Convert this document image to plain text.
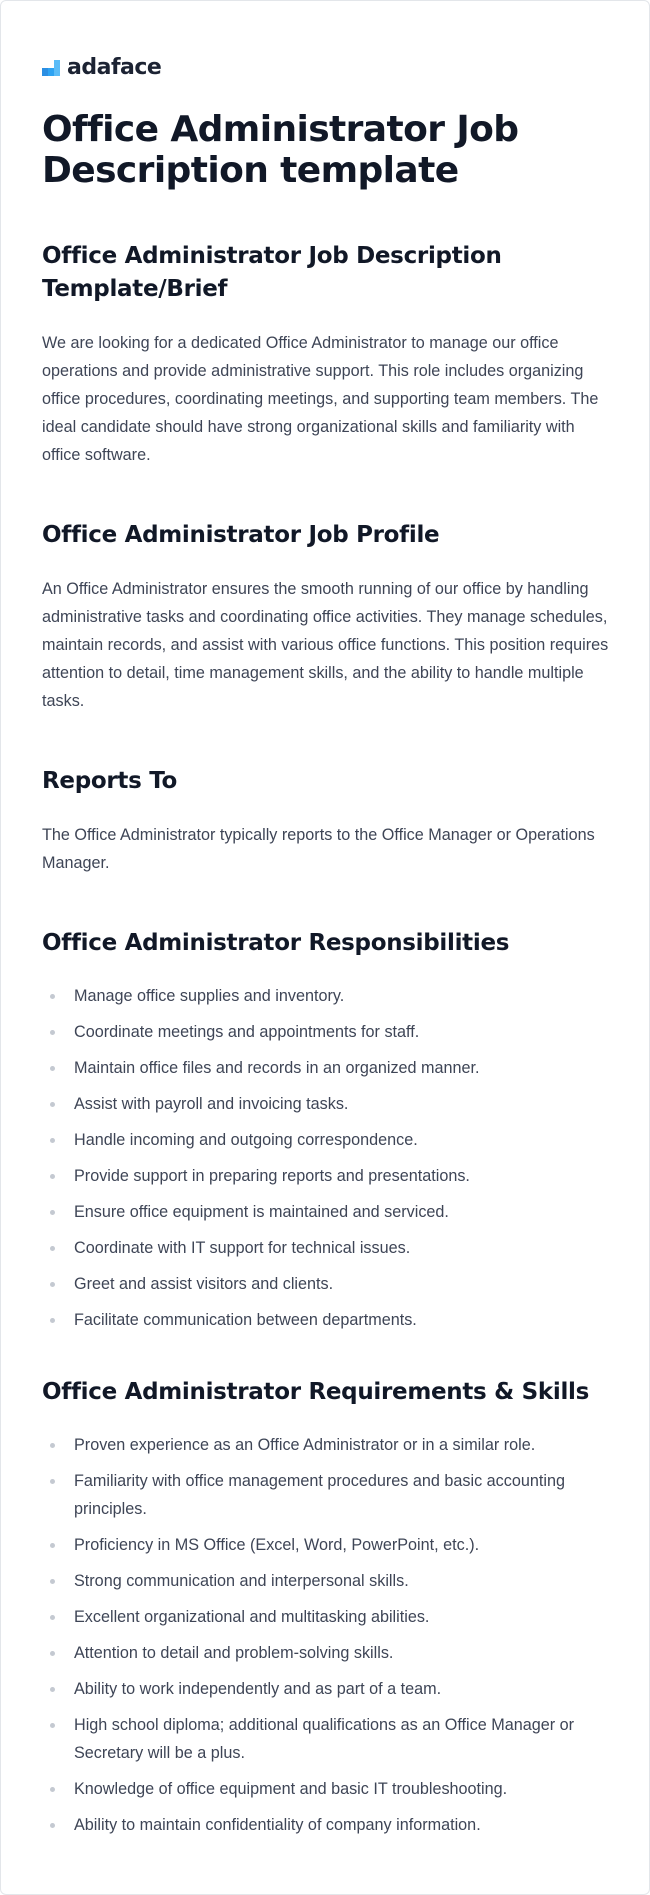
adaface
Office Administrator Job Description template
Office Administrator Job Description Template/Brief

We are looking for a dedicated Office Administrator to manage our office operations and provide administrative support. This role includes organizing office procedures, coordinating meetings, and supporting team members. The ideal candidate should have strong organizational skills and familiarity with office software.

Office Administrator Job Profile

An Office Administrator ensures the smooth running of our office by handling administrative tasks and coordinating office activities. They manage schedules, maintain records, and assist with various office functions. This position requires attention to detail, time management skills, and the ability to handle multiple tasks.

Reports To

The Office Administrator typically reports to the Office Manager or Operations Manager.

Office Administrator Responsibilities
Manage office supplies and inventory.
Coordinate meetings and appointments for staff.
Maintain office files and records in an organized manner.
Assist with payroll and invoicing tasks.
Handle incoming and outgoing correspondence.
Provide support in preparing reports and presentations.
Ensure office equipment is maintained and serviced.
Coordinate with IT support for technical issues.
Greet and assist visitors and clients.
Facilitate communication between departments.
Office Administrator Requirements & Skills
Proven experience as an Office Administrator or in a similar role.
Familiarity with office management procedures and basic accounting principles.
Proficiency in MS Office (Excel, Word, PowerPoint, etc.).
Strong communication and interpersonal skills.
Excellent organizational and multitasking abilities.
Attention to detail and problem-solving skills.
Ability to work independently and as part of a team.
High school diploma; additional qualifications as an Office Manager or Secretary will be a plus.
Knowledge of office equipment and basic IT troubleshooting.
Ability to maintain confidentiality of company information.
